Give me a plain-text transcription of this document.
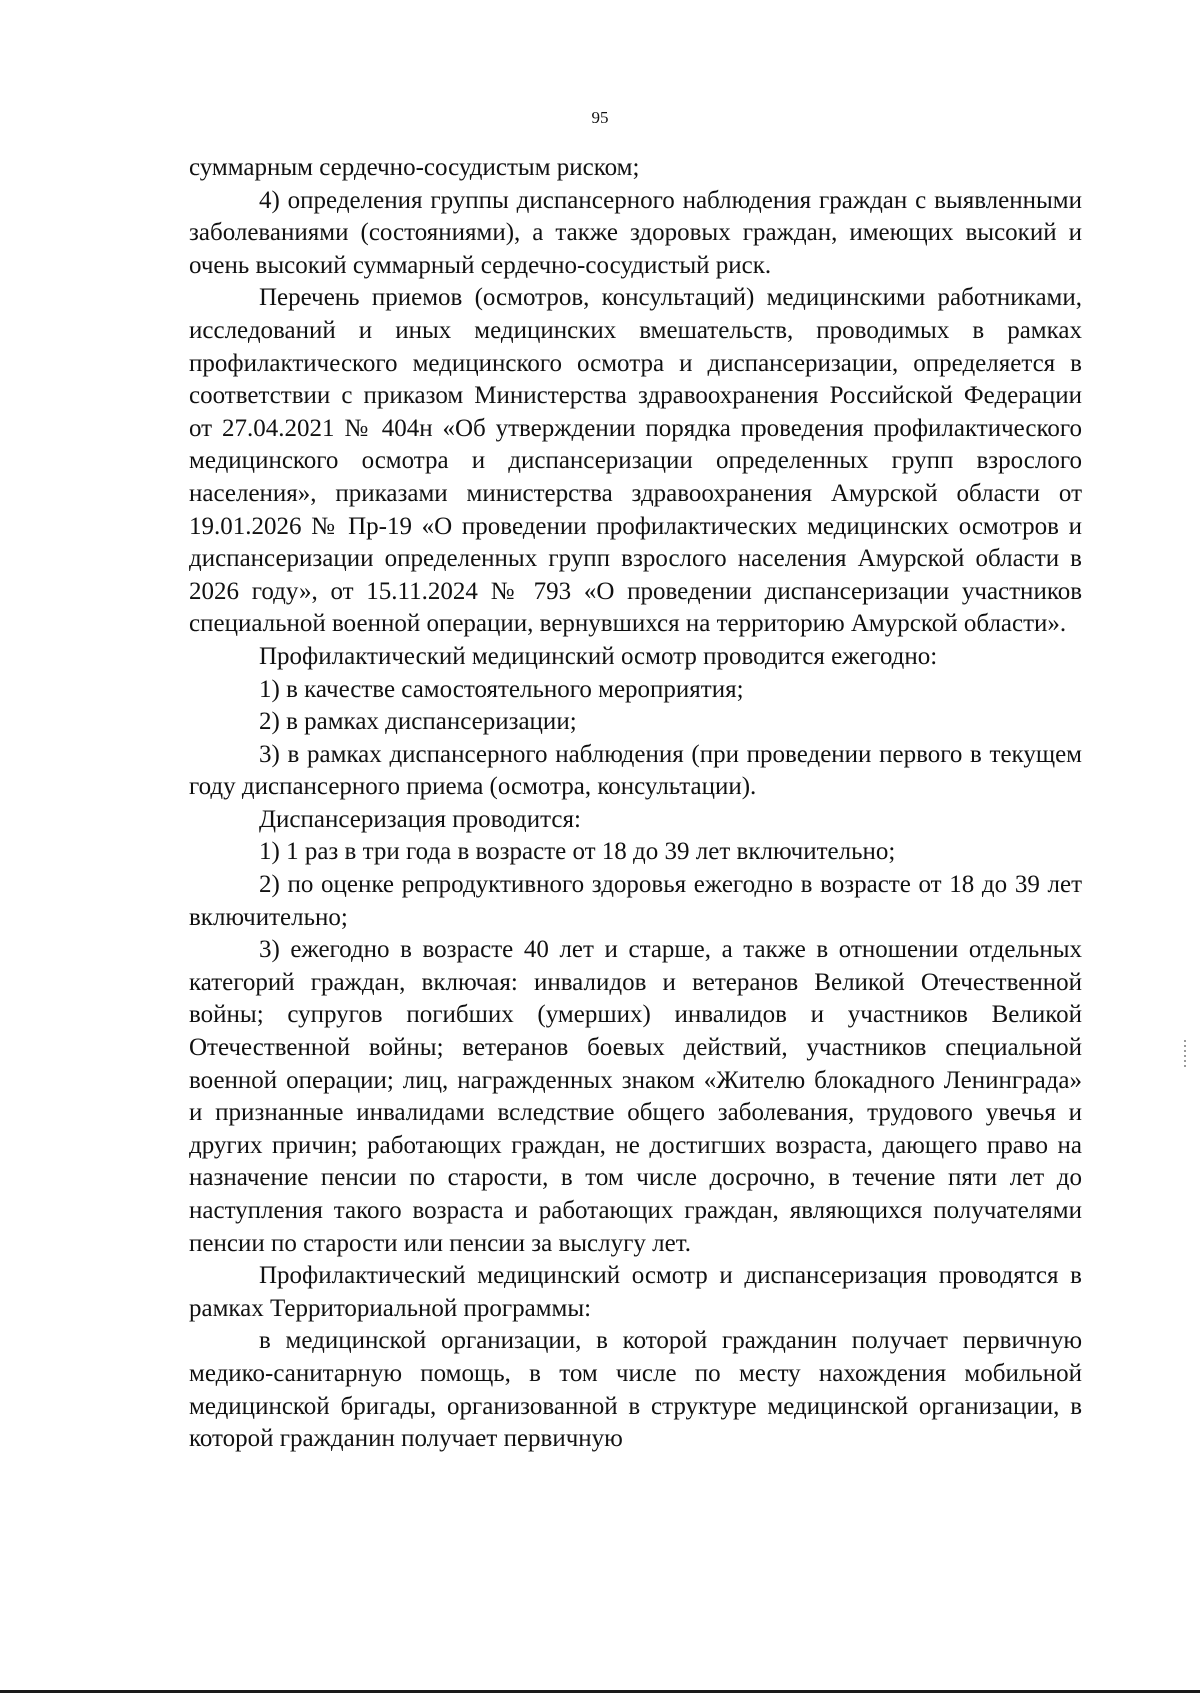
95

суммарным сердечно-сосудистым риском;

4) определения группы диспансерного наблюдения граждан с выявленными заболеваниями (состояниями), а также здоровых граждан, имеющих высокий и очень высокий суммарный сердечно-сосудистый риск.

Перечень приемов (осмотров, консультаций) медицинскими работниками, исследований и иных медицинских вмешательств, проводимых в рамках профилактического медицинского осмотра и диспансеризации, определяется в соответствии с приказом Министерства здравоохранения Российской Федерации от 27.04.2021 № 404н «Об утверждении порядка проведения профилактического медицинского осмотра и диспансеризации определенных групп взрослого населения», приказами министерства здравоохранения Амурской области от 19.01.2026 № Пр-19 «О проведении профилактических медицинских осмотров и диспансеризации определенных групп взрослого населения Амурской области в 2026 году», от 15.11.2024 № 793 «О проведении диспансеризации участников специальной военной операции, вернувшихся на территорию Амурской области».

Профилактический медицинский осмотр проводится ежегодно:

1) в качестве самостоятельного мероприятия;

2) в рамках диспансеризации;

3) в рамках диспансерного наблюдения (при проведении первого в текущем году диспансерного приема (осмотра, консультации).

Диспансеризация проводится:

1) 1 раз в три года в возрасте от 18 до 39 лет включительно;

2) по оценке репродуктивного здоровья ежегодно в возрасте от 18 до 39 лет включительно;

3) ежегодно в возрасте 40 лет и старше, а также в отношении отдельных категорий граждан, включая: инвалидов и ветеранов Великой Отечественной войны; супругов погибших (умерших) инвалидов и участников Великой Отечественной войны; ветеранов боевых действий, участников специальной военной операции; лиц, награжденных знаком «Жителю блокадного Ленинграда» и признанные инвалидами вследствие общего заболевания, трудового увечья и других причин; работающих граждан, не достигших возраста, дающего право на назначение пенсии по старости, в том числе досрочно, в течение пяти лет до наступления такого возраста и работающих граждан, являющихся получателями пенсии по старости или пенсии за выслугу лет.

Профилактический медицинский осмотр и диспансеризация проводятся в рамках Территориальной программы:

в медицинской организации, в которой гражданин получает первичную медико-санитарную помощь, в том числе по месту нахождения мобильной медицинской бригады, организованной в структуре медицинской организации, в которой гражданин получает первичную
